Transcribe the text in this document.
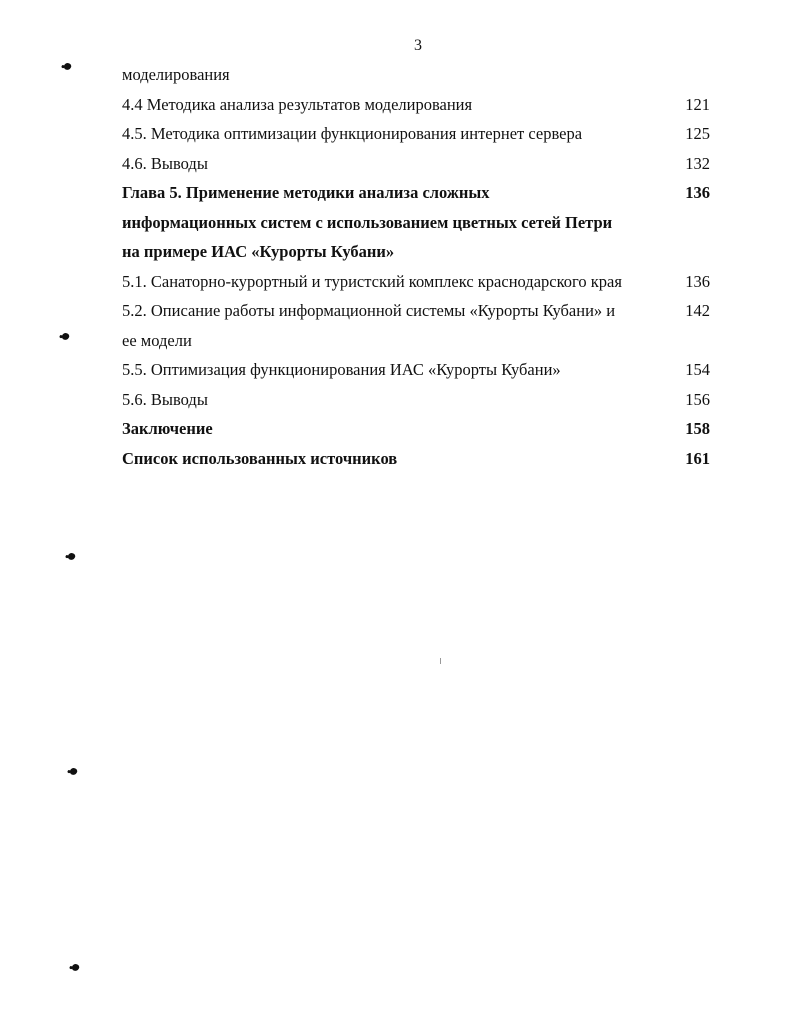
3
моделирования
4.4 Методика анализа результатов моделирования	121
4.5. Методика оптимизации функционирования интернет сервера	125
4.6. Выводы	132
Глава 5. Применение методики анализа сложных	136
информационных систем с использованием цветных сетей Петри
на примере ИАС «Курорты Кубани»
5.1. Санаторно-курортный и туристский комплекс краснодарского края	136
5.2. Описание работы информационной системы «Курорты Кубани» и	142
ее модели
5.5. Оптимизация функционирования ИАС «Курорты Кубани»	154
5.6. Выводы	156
Заключение	158
Список использованных источников	161
